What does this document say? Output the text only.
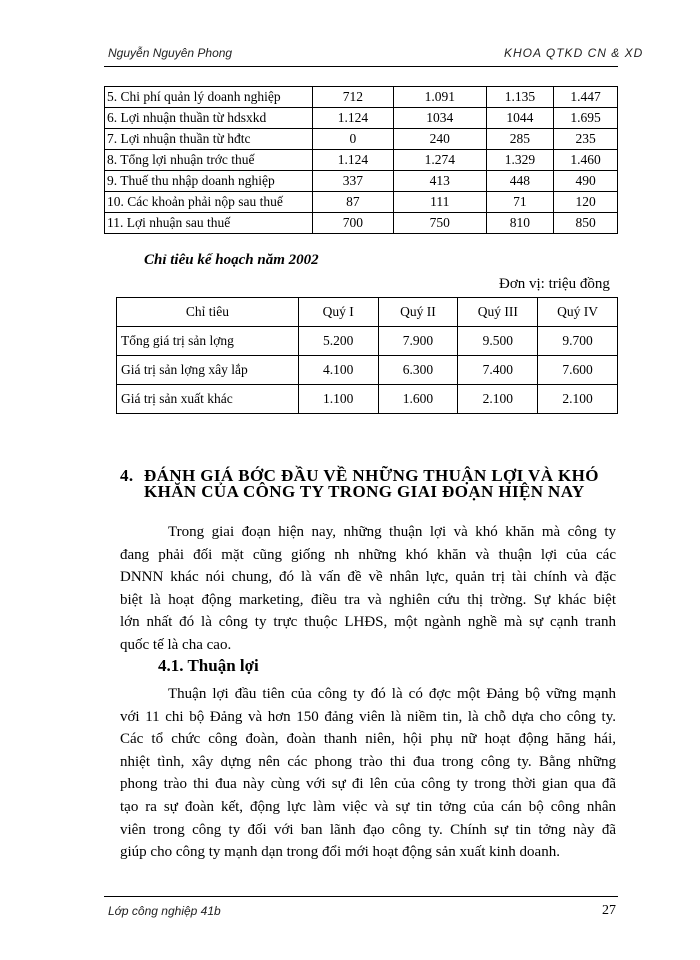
Nguyễn Nguyên Phong	KHOA QTKD CN & XD
5. Chi phí quản lý doanh nghiệp	712	1.091	1.135	1.447
6. Lợi nhuận thuần từ hdsxkd	1.124	1034	1044	1.695
7. Lợi nhuận thuần từ hđtc	0	240	285	235
8. Tổng lợi nhuận trớc thuế	1.124	1.274	1.329	1.460
9. Thuế thu nhập doanh nghiệp	337	413	448	490
10. Các khoản phải nộp sau thuế	87	111	71	120
11. Lợi nhuận sau thuế	700	750	810	850
Chỉ tiêu kế hoạch năm 2002
Đơn vị: triệu đồng
Chỉ tiêu	Quý I	Quý II	Quý III	Quý IV
Tổng giá trị sản lợng	5.200	7.900	9.500	9.700
Giá trị sản lợng xây lắp	4.100	6.300	7.400	7.600
Giá trị sản xuất khác	1.100	1.600	2.100	2.100
4. ĐÁNH GIÁ BỚC ĐẦU VỀ NHỮNG THUẬN LỢI VÀ KHÓ KHĂN CỦA CÔNG TY TRONG GIAI ĐOẠN HIỆN NAY
Trong giai đoạn hiện nay, những thuận lợi và khó khăn mà công ty
đang phải đối mặt cũng giống nh những khó khăn và thuận lợi của các
DNNN khác nói chung, đó là vấn đề về nhân lực, quản trị tài chính và đặc
biệt là hoạt động marketing, điều tra và nghiên cứu thị trờng. Sự khác biệt
lớn nhất đó là công ty trực thuộc LHĐS, một ngành nghề mà sự cạnh tranh
quốc tế là cha cao.
4.1. Thuận lợi
Thuận lợi đầu tiên của công ty đó là có đợc một Đảng bộ vững mạnh
với 11 chi bộ Đảng và hơn 150 đảng viên là niềm tin, là chỗ dựa cho công ty.
Các tổ chức công đoàn, đoàn thanh niên, hội phụ nữ hoạt động hăng hái,
nhiệt tình, xây dựng nên các phong trào thi đua trong công ty. Bằng những
phong trào thi đua này cùng với sự đi lên của công ty trong thời gian qua đã
tạo ra sự đoàn kết, động lực làm việc và sự tin tởng của cán bộ công nhân
viên trong công ty đối với ban lãnh đạo công ty. Chính sự tin tởng này đã
giúp cho công ty mạnh dạn trong đổi mới hoạt động sản xuất kinh doanh.
Lớp công nghiệp 41b	27
